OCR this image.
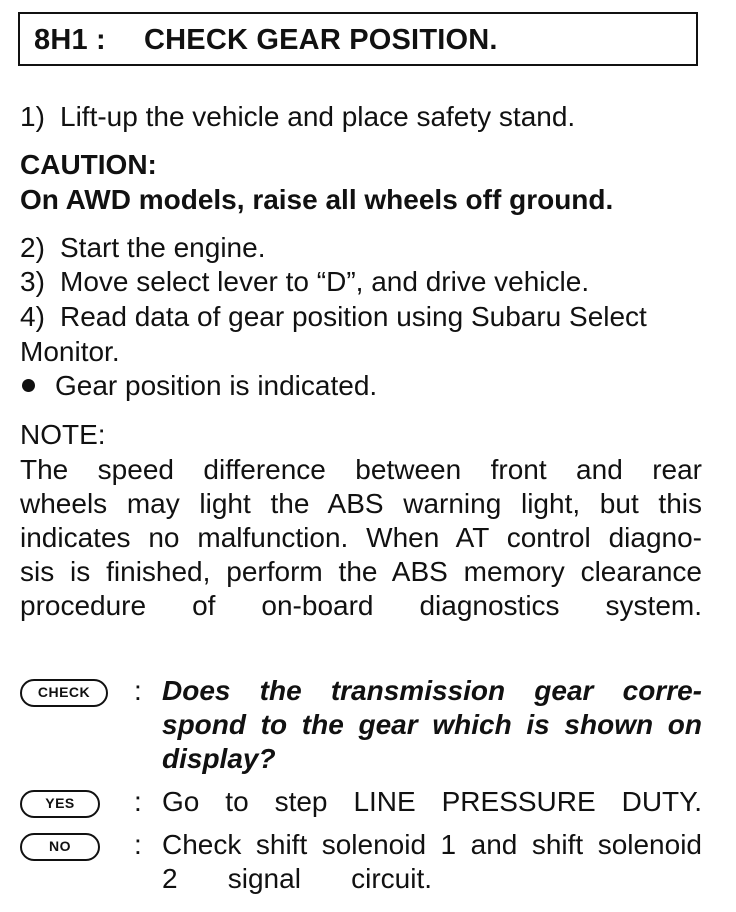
8H1 : CHECK GEAR POSITION.
1) Lift-up the vehicle and place safety stand.
CAUTION:
On AWD models, raise all wheels off ground.
2) Start the engine.
3) Move select lever to “D”, and drive vehicle.
4) Read data of gear position using Subaru Select
Monitor.
Gear position is indicated.
NOTE:
The speed difference between front and rear
wheels may light the ABS warning light, but this
indicates no malfunction. When AT control diagno-
sis is finished, perform the ABS memory clearance
procedure of on-board diagnostics system.
CHECK	: Does the transmission gear corre-
spond to the gear which is shown on
display?
YES	: Go to step LINE PRESSURE DUTY.
NO	: Check shift solenoid 1 and shift solenoid
2 signal circuit.
